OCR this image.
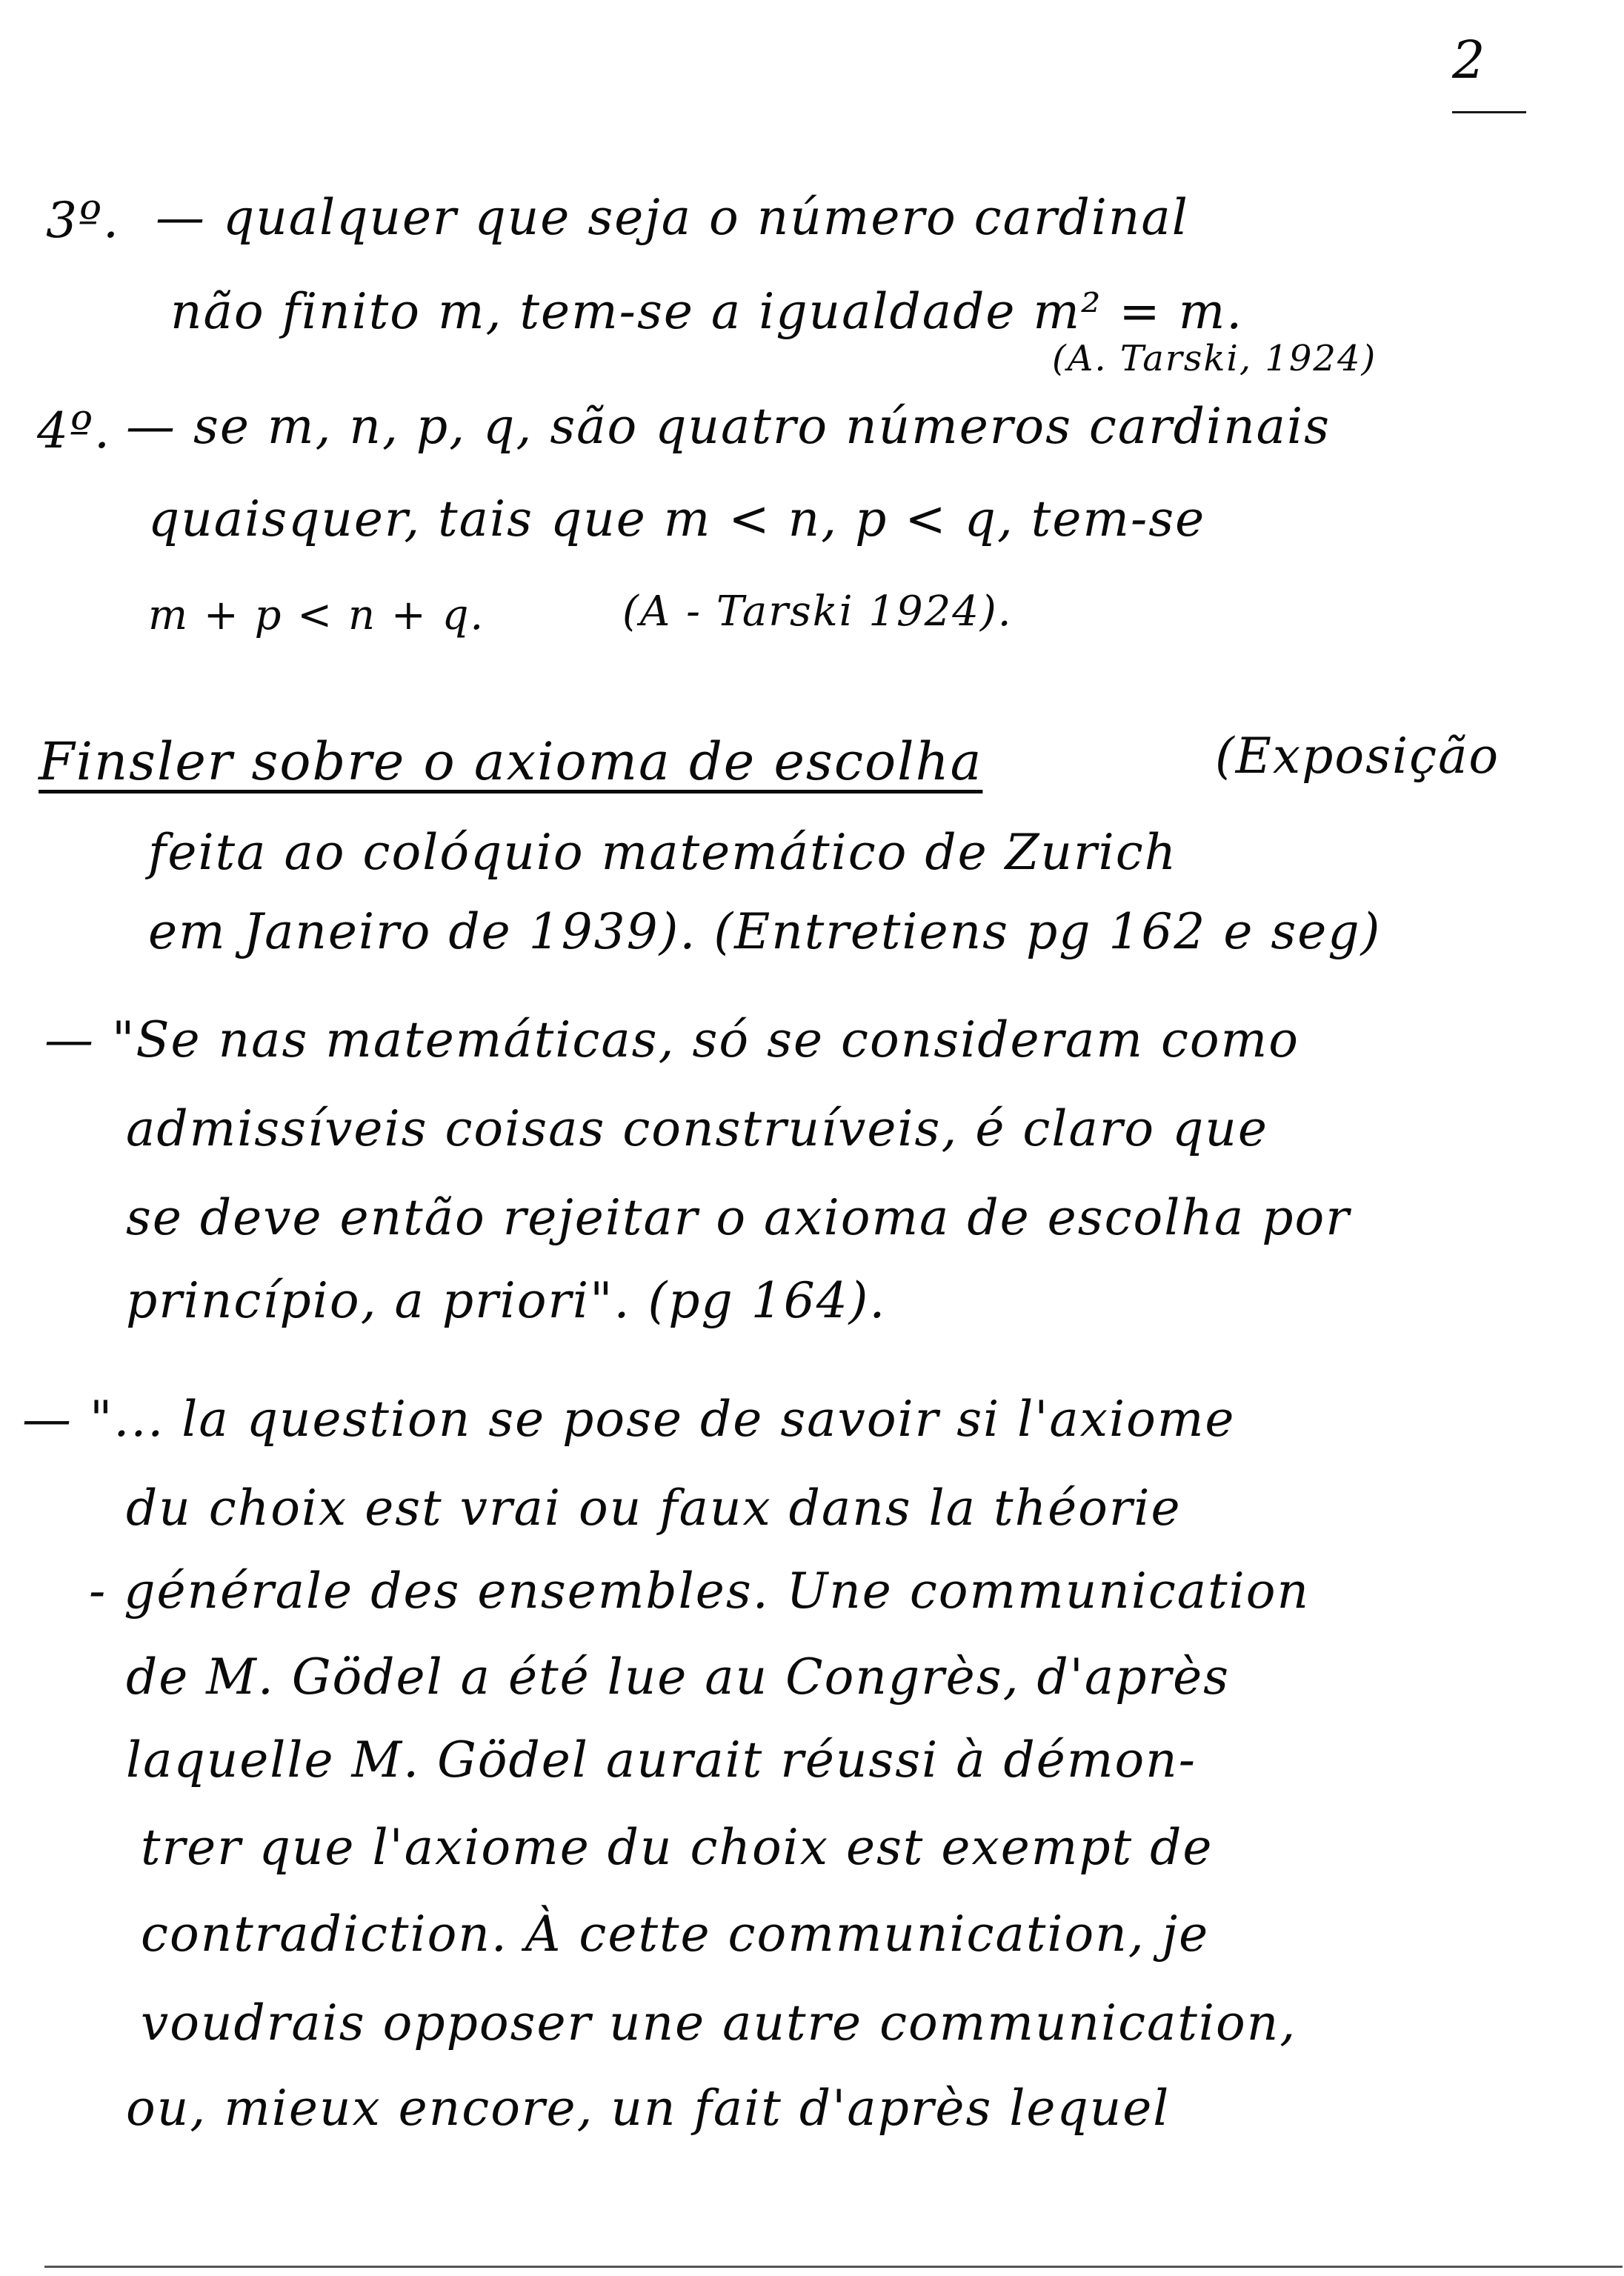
2
3º. — qualquer que seja o número cardinal
não finito m, tem-se a igualdade m² = m.
(A. Tarski, 1924)
4º. — se m, n, p, q, são quatro números cardinais
quaisquer, tais que m < n, p < q, tem-se
m + p < n + q.	(A - Tarski 1924).
Finsler sobre o axioma de escolha	(Exposição
feita ao colóquio matemático de Zurich
em Janeiro de 1939). (Entretiens pg 162 e seg)
— "Se nas matemáticas, só se consideram como
admissíveis coisas construíveis, é claro que
se deve então rejeitar o axioma de escolha por
princípio, a priori". (pg 164).
— "... la question se pose de savoir si l'axiome
du choix est vrai ou faux dans la théorie
- générale des ensembles. Une communication
de M. Gödel a été lue au Congrès, d'après
laquelle M. Gödel aurait réussi à démon-
trer que l'axiome du choix est exempt de
contradiction. À cette communication, je
voudrais opposer une autre communication,
ou, mieux encore, un fait d'après lequel
